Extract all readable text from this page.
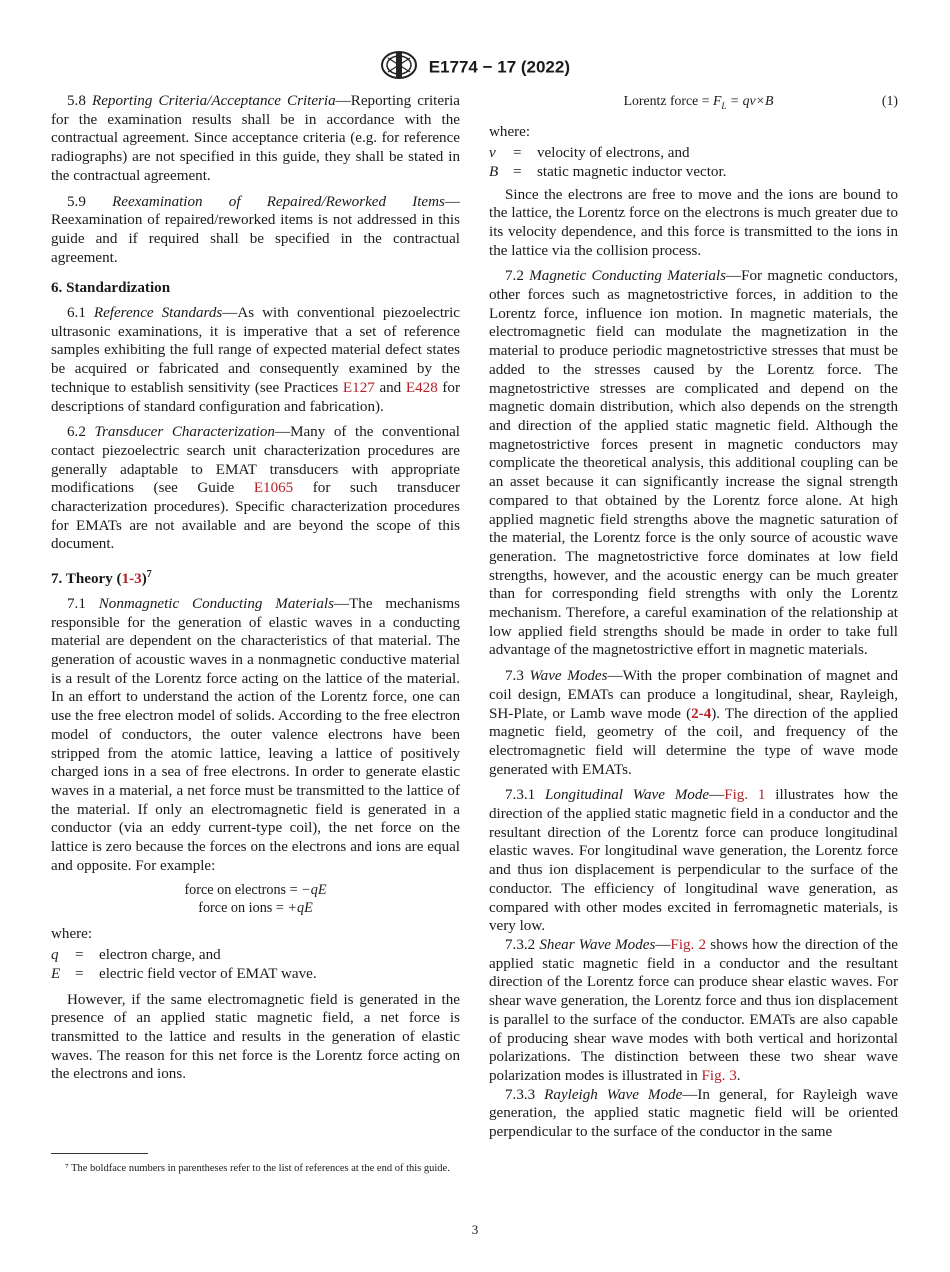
E1774 − 17 (2022)

5.8 Reporting Criteria/Acceptance Criteria—Reporting criteria for the examination results shall be in accordance with the contractual agreement. Since acceptance criteria (e.g. for reference radiographs) are not specified in this guide, they shall be stated in the contractual agreement.

5.9 Reexamination of Repaired/Reworked Items—Reexamination of repaired/reworked items is not addressed in this guide and if required shall be specified in the contractual agreement.

6. Standardization

6.1 Reference Standards—As with conventional piezoelectric ultrasonic examinations, it is imperative that a set of reference samples exhibiting the full range of expected material defect states be acquired or fabricated and consequently examined by the technique to establish sensitivity (see Practices E127 and E428 for descriptions of standard configuration and fabrication).

6.2 Transducer Characterization—Many of the conventional contact piezoelectric search unit characterization procedures are generally adaptable to EMAT transducers with appropriate modifications (see Guide E1065 for such transducer characterization procedures). Specific characterization procedures for EMATs are not available and are beyond the scope of this document.

7. Theory $(1-3)^7$

7.1 Nonmagnetic Conducting Materials—The mechanisms responsible for the generation of elastic waves in a conducting material are dependent on the characteristics of that material. The generation of acoustic waves in a nonmagnetic conductive material is a result of the Lorentz force acting on the lattice of the material. In an effort to understand the action of the Lorentz force, one can use the free electron model of solids. According to the free electron model of conductors, the outer valence electrons have been stripped from the atomic lattice, leaving a lattice of positively charged ions in a sea of free electrons. In order to generate elastic waves in a material, a net force must be transmitted to the lattice of the material. If only an electromagnetic field is generated in a conductor (via an eddy current-type coil), the net force on the lattice is zero because the forces on the electrons and ions are equal and opposite. For example:

force on electrons = −qE
force on ions = +qE

where:

q	=	electron charge, and
E =	electric field vector of EMAT wave.

However, if the same electromagnetic field is generated in the presence of an applied static magnetic field, a net force is transmitted to the lattice and results in the generation of elastic waves. The reason for this net force is the Lorentz force acting on the electrons and ions.

⁷ The boldface numbers in parentheses refer to the list of references at the end of this guide.
Lorentz force = $F_L = qv\times B$	(1)

where:

v	=	velocity of electrons, and
B =	static magnetic inductor vector.

Since the electrons are free to move and the ions are bound to the lattice, the Lorentz force on the electrons is much greater due to its velocity dependence, and this force is transmitted to the ions in the lattice via the collision process.

7.2 Magnetic Conducting Materials—For magnetic conductors, other forces such as magnetostrictive forces, in addition to the Lorentz force, influence ion motion. In magnetic materials, the electromagnetic field can modulate the magnetization in the material to produce periodic magnetostrictive stresses that must be added to the stresses caused by the Lorentz force. The magnetostrictive stresses are complicated and depend on the magnetic domain distribution, which also depends on the strength and direction of the applied static magnetic field. Although the magnetostrictive forces present in magnetic conductors may complicate the theoretical analysis, this additional coupling can be an asset because it can significantly increase the signal strength compared to that obtained by the Lorentz force alone. At high applied magnetic field strengths above the magnetic saturation of the material, the Lorentz force is the only source of acoustic wave generation. The magnetostrictive force dominates at low field strengths, however, and the acoustic energy can be much greater than for corresponding field strengths with only the Lorentz mechanism. Therefore, a careful examination of the relationship at low applied field strengths should be made in order to take full advantage of the magnetostrictive effort in magnetic materials.

7.3 Wave Modes—With the proper combination of magnet and coil design, EMATs can produce a longitudinal, shear, Rayleigh, SH-Plate, or Lamb wave mode (2-4). The direction of the applied magnetic field, geometry of the coil, and frequency of the electromagnetic field will determine the type of wave mode generated with EMATs.

7.3.1 Longitudinal Wave Mode—Fig. 1 illustrates how the direction of the applied static magnetic field in a conductor and the resultant direction of the Lorentz force can produce longitudinal elastic waves. For longitudinal wave generation, the Lorentz force and thus ion displacement is perpendicular to the surface of the conductor. The efficiency of longitudinal wave generation, as compared with other modes excited in ferromagnetic materials, is very low.

7.3.2 Shear Wave Modes—Fig. 2 shows how the direction of the applied static magnetic field in a conductor and the resultant direction of the Lorentz force can produce shear elastic waves. For shear wave generation, the Lorentz force and thus ion displacement is parallel to the surface of the conductor. EMATs are also capable of producing shear wave modes with both vertical and horizontal polarizations. The distinction between these two shear wave polarization modes is illustrated in Fig. 3.

7.3.3 Rayleigh Wave Mode—In general, for Rayleigh wave generation, the applied static magnetic field will be oriented perpendicular to the surface of the conductor in the same

3
